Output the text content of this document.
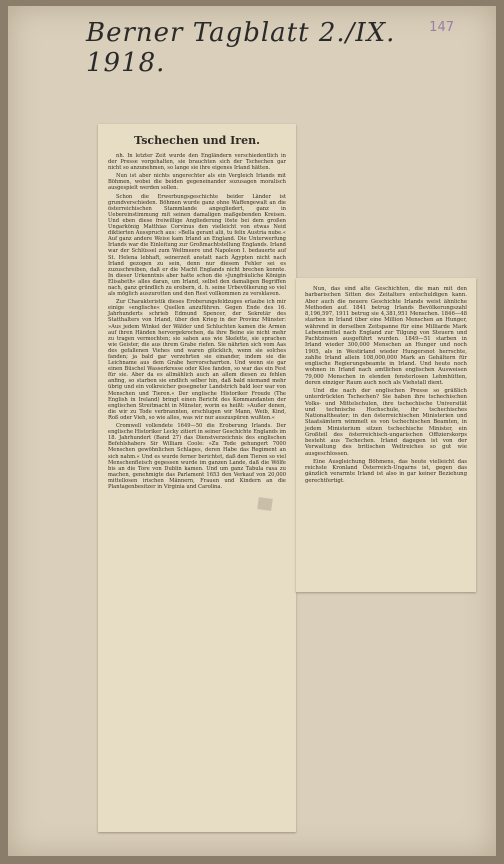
Berner Tagblatt 2./IX. 1918.
147
Tschechen und Iren.

nh. In letzter Zeit wurde den Engländern verschiedentlich in der Presse vorgehalten, sie brauchten sich der Tschechen gar nicht so anzunehmen, so lange sie ihre eigenes Irland hätten.

Nun ist aber nichts ungerechter als ein Vergleich Irlands mit Böhmen, wobei die beiden gegeneinander sozusagen moralisch ausgespielt werden sollen.

Schon die Erwerbungsgeschichte beider Länder ist grundverschieden. Böhmen wurde ganz ohne Waffengewalt an die österreichischen Stammlande angegliedert, ganz in Uebereinstimmung mit seinen damaligen maßgebenden Kreisen. Und eben diese freiwillige Angliederung löste bei dem großen Ungarkönig Matthias Corvinus den vielleicht von etwas Neid diktierten Ausspruch aus: »Bella gerant alii, tu felix Austria nube.« Auf ganz andere Weise kam Irland an England. Die Unterwerfung Irlands war die Einleitung zur Großmachtstellung Englands. Irland war der Schlüssel zum Weltmeere und Napoleon I. bedauerte auf St. Helena lebhaft, seinerzeit anstatt nach Ägypten nicht nach Irland gezogen zu sein, denn nur diesem Fehler sei es zuzuschreiben, daß er die Macht Englands nicht brechen konnte. In dieser Urkenntnis aber hatte schon die »Jungfräuliche Königin Elisabeth« alles daran, um Irland, selbst den damaligen Begriffen nach, ganz gründlich zu erobern, d. h. seine Urbevölkerung so viel als möglich auszurotten und den Rest vollkommen zu versklaven.

Zur Charakteristik dieses Eroberungsfeldzuges erlaube ich mir einige »englische« Quellen anzuführen. Gegen Ende des 16. Jahrhunderts schrieb Edmund Spencer, der Sekretär des Statthalters von Irland, über den Krieg in der Provinz Münster: »Aus jedem Winkel der Wälder und Schluchten kamen die Armen auf ihren Händen hervorgekrochen, da ihre Beine sie nicht mehr zu tragen vermochten; sie sahen aus wie Skelette, sie sprachen wie Geister, die aus ihrem Grabe riefen. Sie nährten sich vom Aas des gefallenen Viehes und waren glücklich, wenn sie solches fanden; ja bald gar verzehrten sie einander, indem sie die Leichname aus dem Grabe hervorscharrten. Und wenn sie gar einen Büschel Wasserkresse oder Klee fanden, so war das ein Fest für sie. Aber da es allmählich auch an allem diesen zu fehlen anfing, so starben sie endlich selber hin, daß bald niemand mehr übrig und ein volkreicher gesegneter Landstrich bald leer war von Menschen und Tieren.« Der englische Historiker Froude (The English in Ireland) bringt einen Bericht des Kommandanten der englischen Streitmacht in Münster, worin es heißt: »Außer denen, die wir zu Tode verbrannten, erschlugen wir Mann, Weib, Kind, Roß oder Vieh, so wie alles, was wir nur auszuspüren wußten.«

Cromwell vollendete 1649—50 die Eroberung Irlands. Der englische Historiker Lecky zitiert in seiner Geschichte Englands im 18. Jahrhundert (Band 27) das Dienstverzeichnis des englischen Befehlshabers Sir William Coole: »Zu Tode gehungert 7000 Menschen gewöhnlichen Schlages, deren Habe das Regiment an sich nahm.« Und es wurde ferner berichtet, daß dem Tieren so viel Menschenfleisch gegessen wurde im ganzen Lande, daß die Wölfe bis an die Tore von Dublin kamen. Und um ganz Tabula rasa zu machen, genehmigte das Parlament 1653 den Verkauf von 20,000 mittellosen irischen Männern, Frauen und Kindern an die Plantagenbesitzer in Virginia und Carolina.

Nun, das sind alte Geschichten, die man mit den barbarischen Sitten des Zeitalters entschuldigen kann. Aber auch die neuere Geschichte Irlands weist ähnliche Methoden auf. 1841 betrug Irlands Bevölkerungszahl 8,196,597, 1911 betrug sie 4,381,951 Menschen. 1846—48 starben in Irland über eine Million Menschen an Hunger, während in derselben Zeitspanne für eine Milliarde Mark Lebensmittel nach England zur Tilgung von Steuern und Pachtzinsen ausgeführt wurden. 1849—51 starben in Irland wieder 300,000 Menschen an Hunger und noch 1905, als in Westirland wieder Hungersnot herrschte, zahlte Irland allein 108,000,000 Mark an Gehältern für englische Regierungsbeamte in Irland. Und heute noch wohnen in Irland nach amtlichen englischen Ausweisen 79,000 Menschen in elenden fensterlosen Lehmhütten, deren einziger Raum auch noch als Viehstall dient.

Und die nach der englischen Presse so gräßlich unterdrückten Tschechen? Sie haben ihre tschechischen Volks- und Mittelschulen, ihre tschechische Universität und technische Hochschule, ihr tschechisches Nationaltheater; in den österreichischen Ministerien und Staatsämtern wimmelt es von tschechischen Beamten, in jedem Ministerium sitzen tschechische Minister, ein Großteil des österreichisch-ungarischen Offizierskorps besteht aus Tschechen. Irland dagegen ist von der Verwaltung des britischen Weltreiches so gut wie ausgeschlossen.

Eine Ausgleichung Böhmens, das heute vielleicht das reichste Kronland Österreich-Ungarns ist, gegen das gänzlich verarmte Irland ist also in gar keiner Beziehung gerechtfertigt.
